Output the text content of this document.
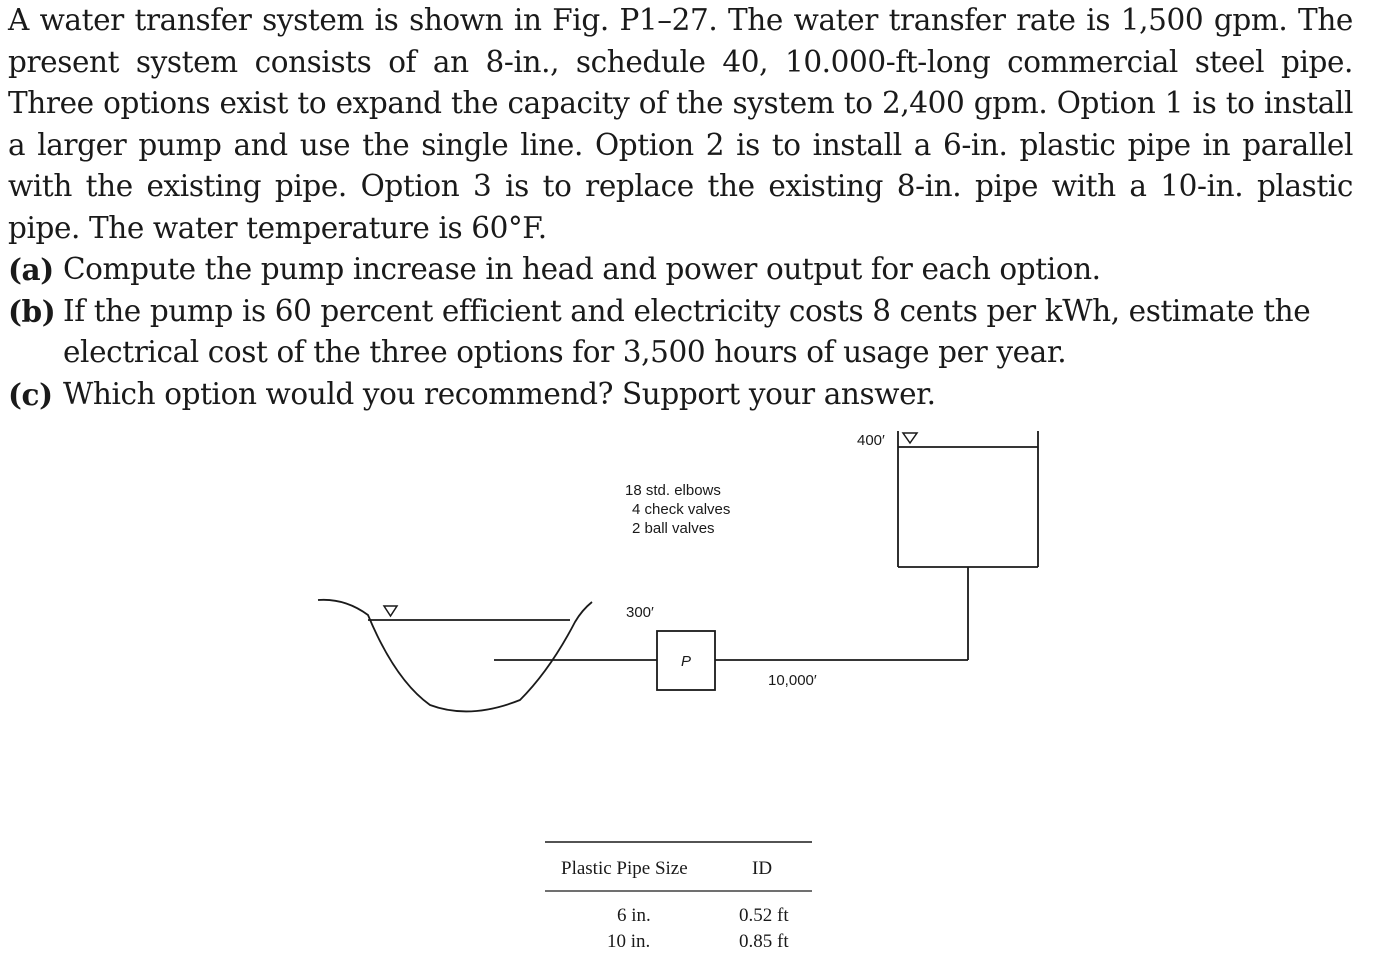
A water transfer system is shown in Fig. P1–27. The water transfer rate is 1,500 gpm. The present system consists of an 8-in., schedule 40, 10.000-ft-long commercial steel pipe. Three options exist to expand the capacity of the system to 2,400 gpm. Option 1 is to install a larger pump and use the single line. Option 2 is to install a 6-in. plastic pipe in parallel with the existing pipe. Option 3 is to replace the existing 8-in. pipe with a 10-in. plastic pipe. The water temperature is 60°F.

(a) Compute the pump increase in head and power output for each option.

(b) If the pump is 60 percent efficient and electricity costs 8 cents per kWh, estimate the electrical cost of the three options for 3,500 hours of usage per year.

(c) Which option would you recommend? Support your answer.

P
400′
18 std. elbows
4 check valves
2 ball valves
300′
10,000′
Plastic Pipe Size	ID
6 in.	0.52 ft
10 in.	0.85 ft
